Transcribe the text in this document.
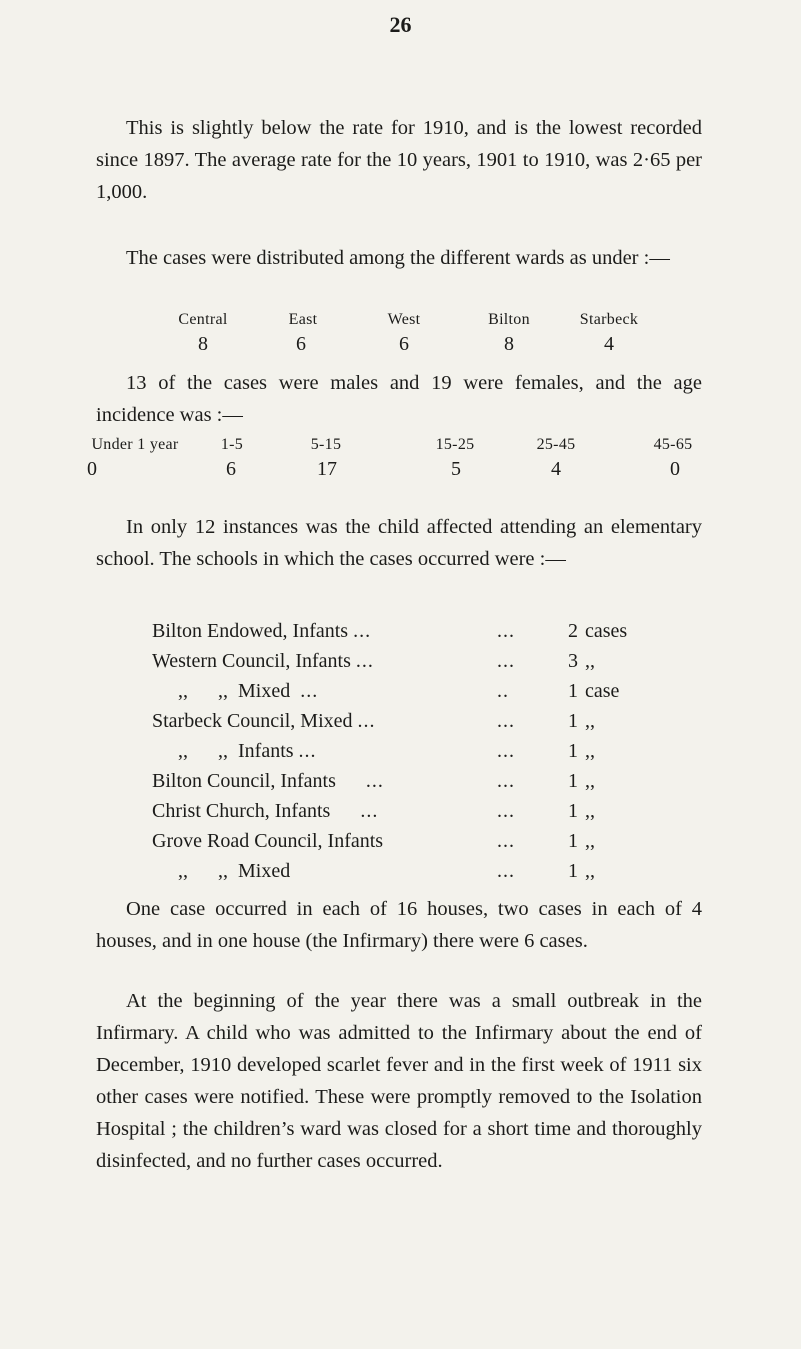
26

This is slightly below the rate for 1910, and is the lowest recorded since 1897. The average rate for the 10 years, 1901 to 1910, was 2·65 per 1,000.

The cases were distributed among the different wards as under :—

Central	East	West	Bilton	Starbeck
8	6	6	8	4

13 of the cases were males and 19 were females, and the age incidence was :—

Under 1 year	1-5	5-15	15-25	25-45	45-65
0	6	17	5	4	0

In only 12 instances was the child affected attending an elementary school. The schools in which the cases occurred were :—

Bilton Endowed, Infants ...	...	2 cases
Western Council, Infants ...	...	3 ,,
,,      ,,  Mixed ...	..	1 case
Starbeck Council, Mixed ...	...	1 ,,
,,      ,,  Infants ...	...	1 ,,
Bilton Council, Infants ...	...	1 ,,
Christ Church, Infants ...	...	1 ,,
Grove Road Council, Infants	...	1 ,,
,,      ,,  Mixed	...	1 ,,

One case occurred in each of 16 houses, two cases in each of 4 houses, and in one house (the Infirmary) there were 6 cases.

At the beginning of the year there was a small outbreak in the Infirmary. A child who was admitted to the Infirmary about the end of December, 1910 developed scarlet fever and in the first week of 1911 six other cases were notified. These were promptly removed to the Isolation Hospital ; the children’s ward was closed for a short time and thoroughly disinfected, and no further cases occurred.
